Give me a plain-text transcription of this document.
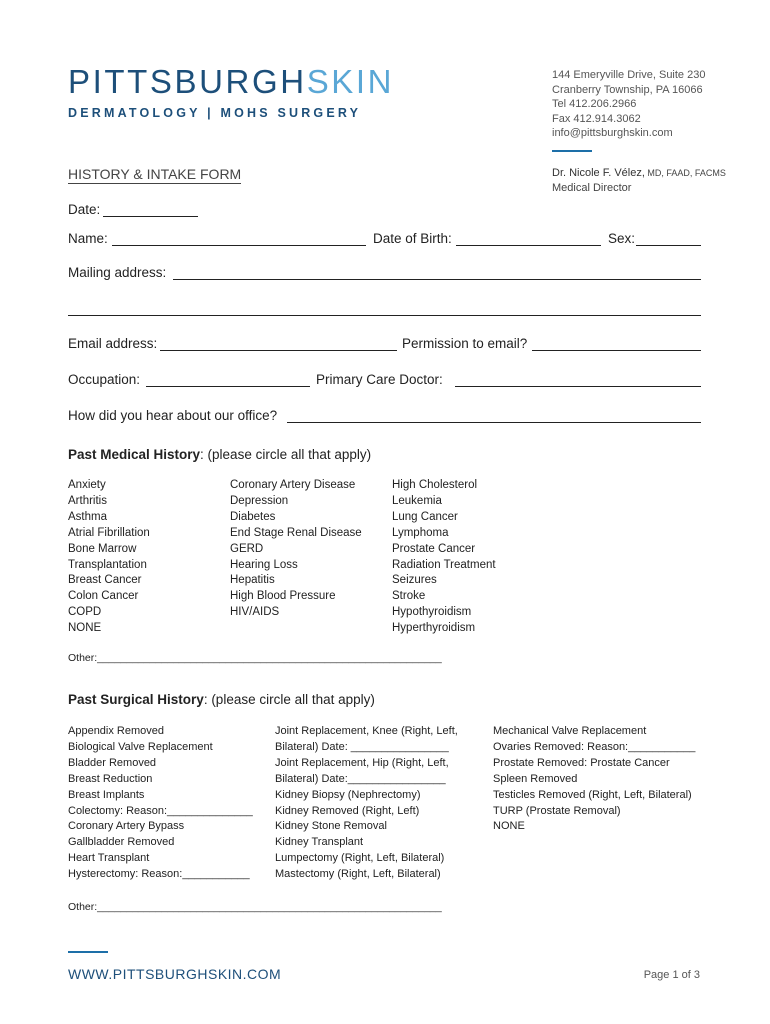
PITTSBURGHSKIN
DERMATOLOGY | MOHS SURGERY
144 Emeryville Drive, Suite 230
Cranberry Township, PA 16066
Tel 412.206.2966
Fax 412.914.3062
info@pittsburghskin.com
Dr. Nicole F. Vélez, MD, FAAD, FACMS
Medical Director
HISTORY & INTAKE FORM
Date:
Name:	Date of Birth:	Sex:
Mailing address:
Email address:	Permission to email?
Occupation:	Primary Care Doctor:
How did you hear about our office?
Past Medical History: (please circle all that apply)
Anxiety
Arthritis
Asthma
Atrial Fibrillation
Bone Marrow
Transplantation
Breast Cancer
Colon Cancer
COPD
NONE
Coronary Artery Disease
Depression
Diabetes
End Stage Renal Disease
GERD
Hearing Loss
Hepatitis
High Blood Pressure
HIV/AIDS
High Cholesterol
Leukemia
Lung Cancer
Lymphoma
Prostate Cancer
Radiation Treatment
Seizures
Stroke
Hypothyroidism
Hyperthyroidism
Other:___________________________________________________________
Past Surgical History: (please circle all that apply)
Appendix Removed
Biological Valve Replacement
Bladder Removed
Breast Reduction
Breast Implants
Colectomy: Reason:______________
Coronary Artery Bypass
Gallbladder Removed
Heart Transplant
Hysterectomy: Reason:___________
Joint Replacement, Knee (Right, Left,
Bilateral) Date: ________________
Joint Replacement, Hip (Right, Left,
Bilateral) Date:________________
Kidney Biopsy (Nephrectomy)
Kidney Removed (Right, Left)
Kidney Stone Removal
Kidney Transplant
Lumpectomy (Right, Left, Bilateral)
Mastectomy (Right, Left, Bilateral)
Mechanical Valve Replacement
Ovaries Removed: Reason:___________
Prostate Removed: Prostate Cancer
Spleen Removed
Testicles Removed (Right, Left, Bilateral)
TURP (Prostate Removal)
NONE
Other:___________________________________________________________
WWW.PITTSBURGHSKIN.COM	Page 1 of 3
